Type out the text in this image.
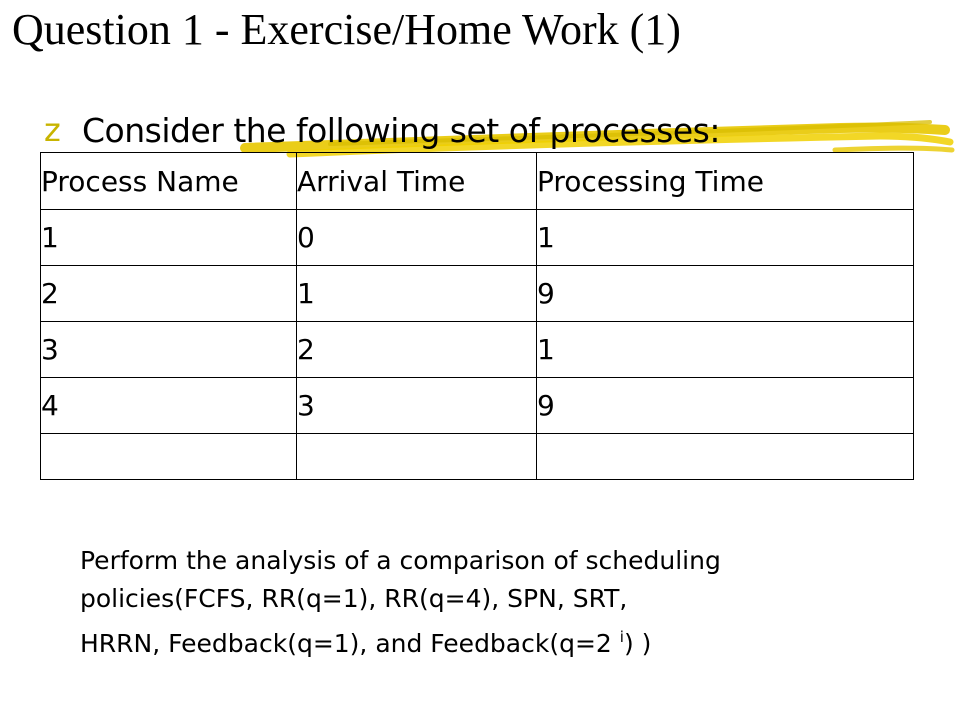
Question 1 - Exercise/Home Work (1)
z Consider the following set of processes:
Process Name	Arrival Time	Processing Time
1	0	1
2	1	9
3	2	1
4	3	9

Perform the analysis of a comparison of scheduling

policies(FCFS, RR(q=1), RR(q=4), SPN, SRT,

HRRN, Feedback(q=1), and Feedback(q=2 $^i$) )
